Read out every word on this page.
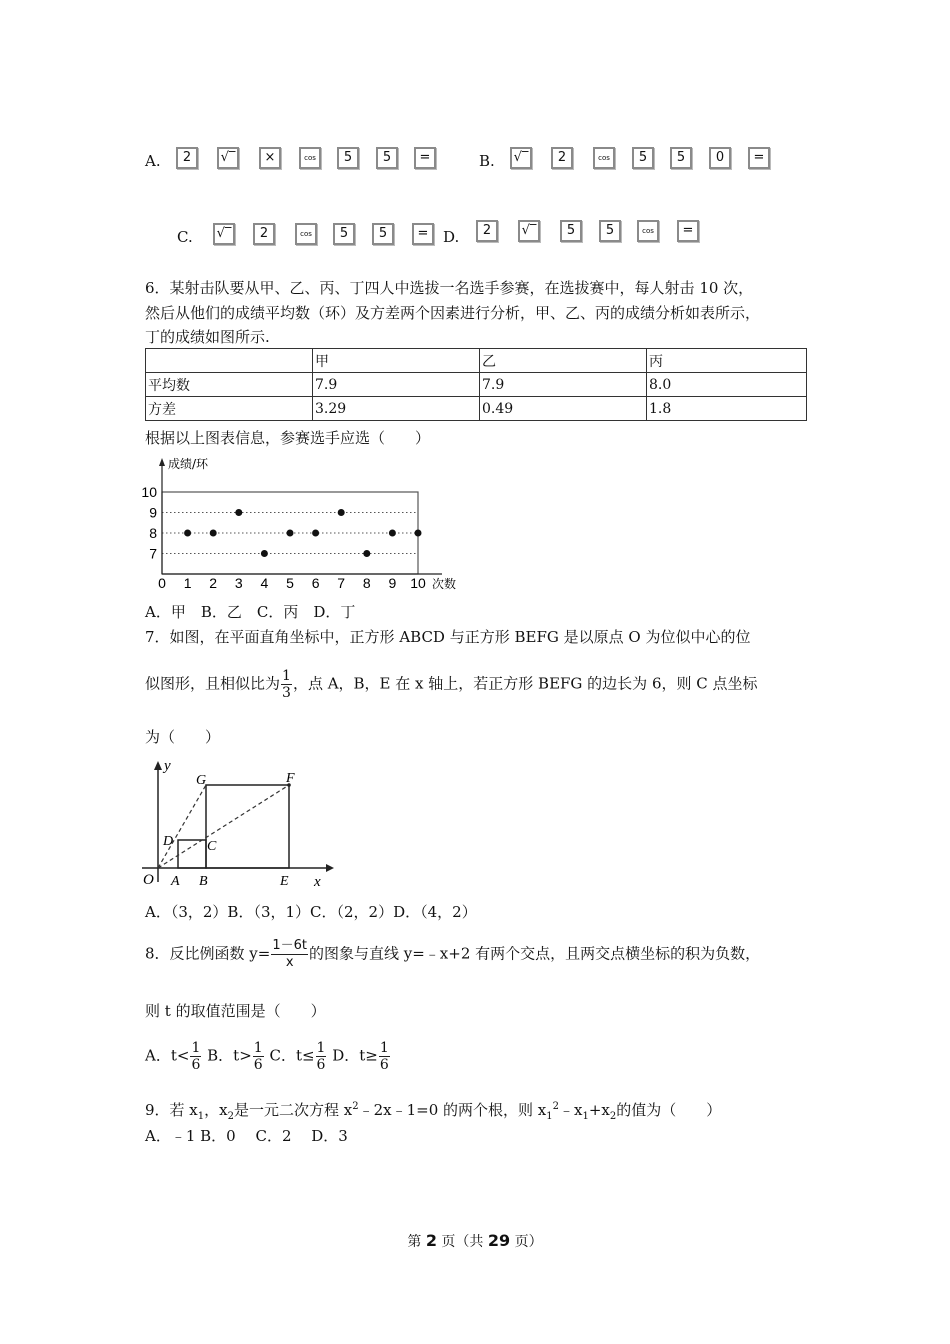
A.	2	√‾	×	cos	5	5	=	B. √‾	2	cos	5	5	0	=
C. √‾	2	cos	5	5	= D.	2	√‾	5	5	cos	=
6．某射击队要从甲、乙、丙、丁四人中选拔一名选手参赛，在选拔赛中，每人射击 10 次，
然后从他们的成绩平均数（环）及方差两个因素进行分析，甲、乙、丙的成绩分析如表所示，
丁的成绩如图所示.
	甲	乙	丙
平均数	7.9	7.9	8.0
方差	3.29	0.49	1.8
根据以上图表信息，参赛选手应选（　　）
7
8
9
10
0 1 2 3 4 5 6 7 8 9 10
成绩/环
次数
A．甲　B．乙　C．丙　D．丁
7．如图，在平面直角坐标中，正方形 ABCD 与正方形 BEFG 是以原点 O 为位似中心的位
似图形，且相似比为 $\frac{1}{3}$ ，点 A，B，E 在 x 轴上，若正方形 BEFG 的边长为 6，则 C 点坐标
为（　　）
y
x
O A B	E
C
D
G	F
A．（3，2）B．（3，1）C．（2，2）D．（4，2）
8．反比例函数 $y= \frac{1-6t}{x}$ 的图象与直线 y=﹣x+2 有两个交点，且两交点横坐标的积为负数，
则 t 的取值范围是（　　）
A．$t< \frac{1}{6}$ B．$t> \frac{1}{6}$ C．$t\le \frac{1}{6}$ D．$t\ge \frac{1}{6}$
9．若 $x_1$，$x_2$是一元二次方程 $x^2﹣2x﹣1=0$ 的两个根，则 $x_1^2﹣x_1+x_2$的值为（　　）
A．﹣1 B．0　 C．2　 D．3
第 2 页（共 29 页）
